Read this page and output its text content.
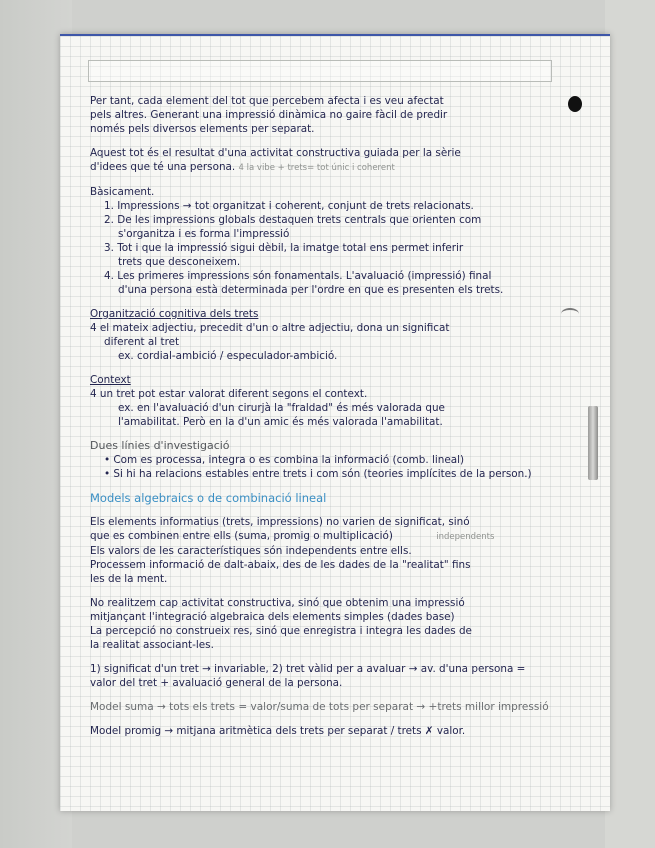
Per tant, cada element del tot que percebem afecta i es veu afectat
pels altres. Generant una impressió dinàmica no gaire fàcil de predir
només pels diversos elements per separat.
Aquest tot és el resultat d'una activitat constructiva guiada per la sèrie
d'idees que té una persona. 4 la vibe + trets= tot únic i coherent
Bàsicament.
1. Impressions → tot organitzat i coherent, conjunt de trets relacionats.
2. De les impressions globals destaquen trets centrals que orienten com
s'organitza i es forma l'impressió
3. Tot i que la impressió sigui dèbil, la imatge total ens permet inferir
trets que desconeixem.
4. Les primeres impressions són fonamentals. L'avaluació (impressió) final
d'una persona està determinada per l'ordre en que es presenten els trets.
Organització cognitiva dels trets
4 el mateix adjectiu, precedit d'un o altre adjectiu, dona un significat
diferent al tret
ex. cordial-ambició / especulador-ambició.
Context
4 un tret pot estar valorat diferent segons el context.
ex. en l'avaluació d'un cirurjà la "fraldad" és més valorada que
l'amabilitat. Però en la d'un amic és més valorada l'amabilitat.
Dues línies d'investigació
• Com es processa, integra o es combina la informació (comb. lineal)
• Si hi ha relacions estables entre trets i com són (teories implícites de la person.)
Models algebraics o de combinació lineal
Els elements informatius (trets, impressions) no varien de significat, sinó
que es combinen entre ells (suma, promig o multiplicació)	independents
Els valors de les característiques són independents entre ells.
Processem informació de dalt-abaix, des de les dades de la "realitat" fins
les de la ment.
No realitzem cap activitat constructiva, sinó que obtenim una impressió
mitjançant l'integració algebraica dels elements simples (dades base)
La percepció no construeix res, sinó que enregistra i integra les dades de
la realitat associant-les.
1) significat d'un tret → invariable, 2) tret vàlid per a avaluar → av. d'una persona =
valor del tret + avaluació general de la persona.
Model suma → tots els trets = valor/suma de tots per separat → +trets millor impressió
Model promig → mitjana aritmètica dels trets per separat / trets ✗ valor.
